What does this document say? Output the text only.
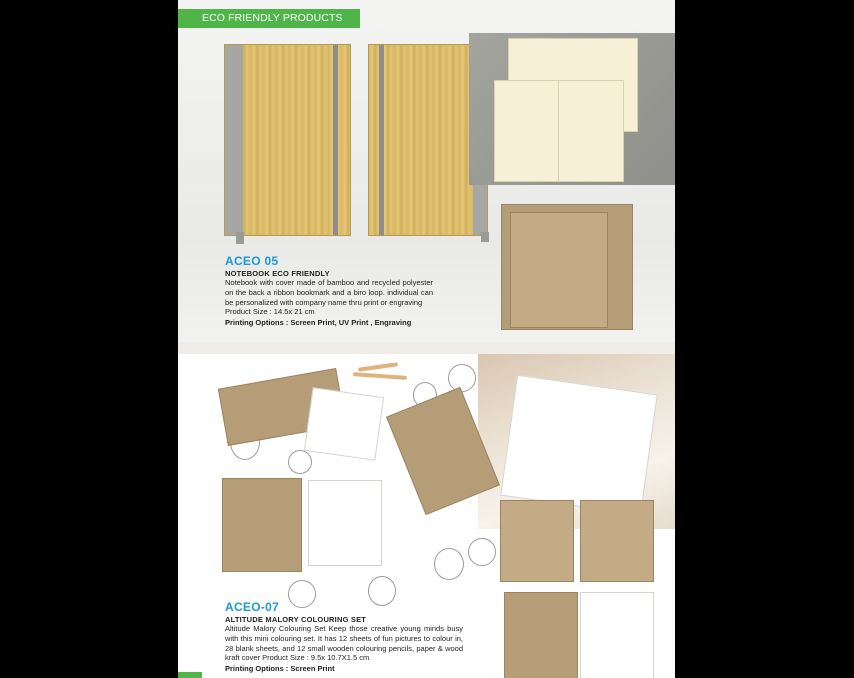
ECO FRIENDLY PRODUCTS
ACEO 05
NOTEBOOK ECO FRIENDLY
Notebook with cover made of bamboo and recycled polyester on the back a ribbon bookmark and a biro loop. individual can be personalized with company name thru print or engraving
Product Size : 14.5x 21 cm
Printing Options : Screen Print, UV Print , Engraving
ACEO-07
ALTITUDE MALORY COLOURING SET
Altitude Malory Colouring Set Keep those creative young minds busy with this mini colouring set. It has 12 sheets of fun pictures to colour in, 28 blank sheets, and 12 small wooden colouring pencils, paper & wood kraft cover Product Size : 9.5x 10.7X1.5 cm
Printing Options : Screen Print
